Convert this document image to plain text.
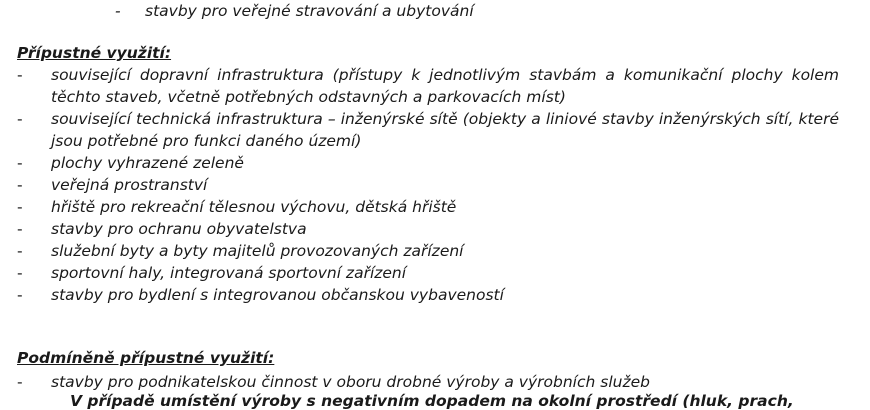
- stavby pro veřejné stravování a ubytování
Přípustné využití:
- související dopravní infrastruktura (přístupy k jednotlivým stavbám a komunikační plochy kolem těchto staveb, včetně potřebných odstavných a parkovacích míst)
- související technická infrastruktura – inženýrské sítě (objekty a liniové stavby inženýrských sítí, které jsou potřebné pro funkci daného území)
- plochy vyhrazené zeleně
- veřejná prostranství
- hřiště pro rekreační tělesnou výchovu, dětská hřiště
- stavby pro ochranu obyvatelstva
- služební byty a byty majitelů provozovaných zařízení
- sportovní haly, integrovaná sportovní zařízení
- stavby pro bydlení s integrovanou občanskou vybaveností
Podmíněně přípustné využití:
- stavby pro podnikatelskou činnost v oboru drobné výroby a výrobních služeb
V případě umístění výroby s negativním dopadem na okolní prostředí (hluk, prach,
